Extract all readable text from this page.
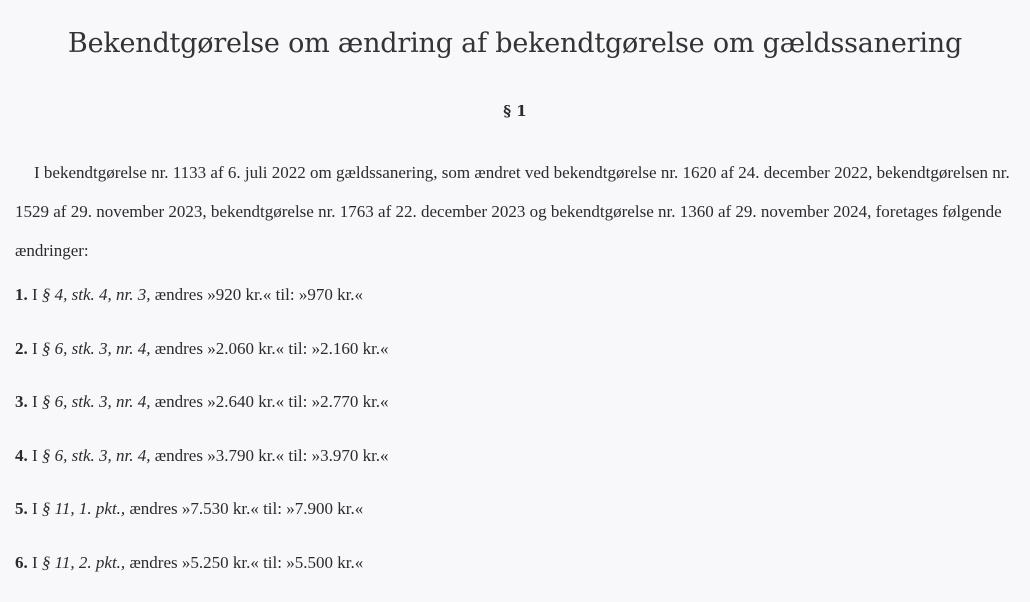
Bekendtgørelse om ændring af bekendtgørelse om gældssanering
§ 1

I bekendtgørelse nr. 1133 af 6. juli 2022 om gældssanering, som ændret ved bekendtgørelse nr. 1620 af 24. december 2022, bekendtgørelsen nr. 1529 af 29. november 2023, bekendtgørelse nr. 1763 af 22. december 2023 og bekendtgørelse nr. 1360 af 29. november 2024, foretages følgende ændringer:

1. I § 4, stk. 4, nr. 3, ændres »920 kr.« til: »970 kr.«
2. I § 6, stk. 3, nr. 4, ændres »2.060 kr.« til: »2.160 kr.«
3. I § 6, stk. 3, nr. 4, ændres »2.640 kr.« til: »2.770 kr.«
4. I § 6, stk. 3, nr. 4, ændres »3.790 kr.« til: »3.970 kr.«
5. I § 11, 1. pkt., ændres »7.530 kr.« til: »7.900 kr.«
6. I § 11, 2. pkt., ændres »5.250 kr.« til: »5.500 kr.«
